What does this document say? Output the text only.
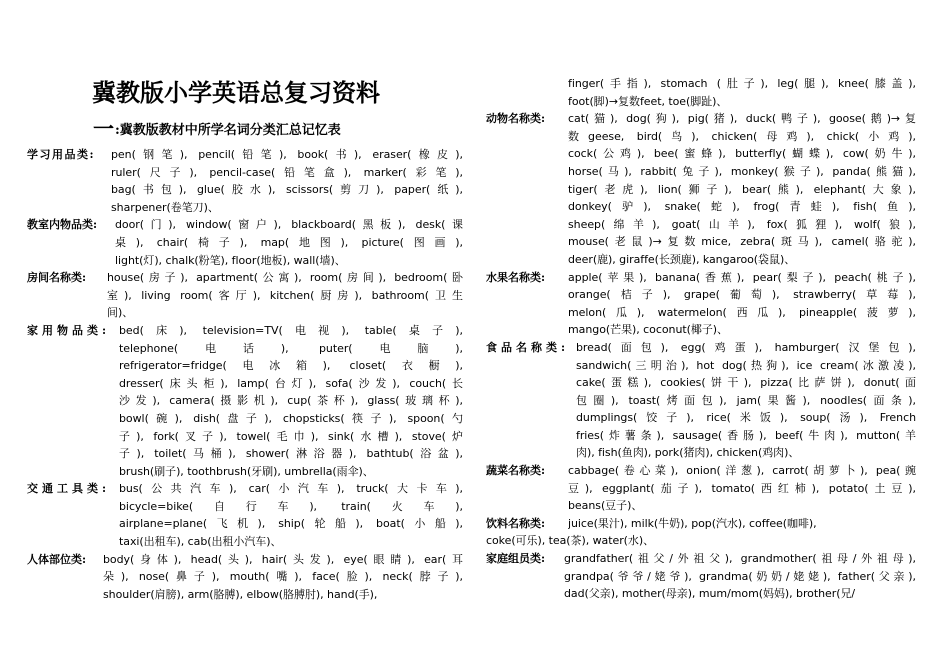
冀教版小学英语总复习资料
一:冀教版教材中所学名词分类汇总记忆表
学习用品类:	pen(钢笔), pencil(铅笔), book(书), eraser(橡皮),
ruler(尺子), pencil-case(铅笔盒), marker(彩笔),
bag(书包), glue(胶水), scissors(剪刀), paper(纸),
sharpener(卷笔刀)、
教室内物品类:	door(门), window(窗户), blackboard(黑板), desk(课
桌), chair(椅子), map(地图), picture(图画),
light(灯), chalk(粉笔), floor(地板), wall(墙)、
房间名称类:	house(房子), apartment(公寓), room(房间), bedroom(卧
室), living room(客厅), kitchen(厨房), bathroom(卫生
间)、
家用物品类: bed(床), television=TV(电视), table(桌子),
telephone(电话), puter(电脑),
refrigerator=fridge(电冰箱), closet(衣橱),
dresser(床头柜), lamp(台灯), sofa(沙发), couch(长
沙发), camera(摄影机), cup(茶杯), glass(玻璃杯),
bowl(碗), dish(盘子), chopsticks(筷子), spoon(勺
子), fork(叉子), towel(毛巾), sink(水槽), stove(炉
子), toilet(马桶), shower(淋浴器), bathtub(浴盆),
brush(刷子), toothbrush(牙刷), umbrella(雨伞)、
交通工具类: bus(公共汽车), car(小汽车), truck(大卡车),
bicycle=bike(自行车), train(火车),
airplane=plane(飞机), ship(轮船), boat(小船),
taxi(出租车), cab(出租小汽车)、
人体部位类:	body(身体), head(头), hair(头发), eye(眼睛), ear(耳
朵), nose(鼻子), mouth(嘴), face(脸), neck(脖子),
shoulder(肩膀), arm(胳膊), elbow(胳膊肘), hand(手),
finger(手指), stomach (肚子), leg(腿), knee(膝盖),
foot(脚)→复数feet, toe(脚趾)、
动物名称类:	cat(猫), dog(狗), pig(猪), duck(鸭子), goose(鹅)→复
数geese, bird(鸟), chicken(母鸡), chick(小鸡),
cock(公鸡), bee(蜜蜂), butterfly(蝴蝶), cow(奶牛),
horse(马), rabbit(兔子), monkey(猴子), panda(熊猫),
tiger(老虎), lion(狮子), bear(熊), elephant(大象),
donkey(驴), snake(蛇), frog(青蛙), fish(鱼),
sheep(绵羊), goat(山羊), fox(狐狸), wolf(狼),
mouse(老鼠)→复数mice, zebra(斑马), camel(骆驼),
deer(鹿), giraffe(长颈鹿), kangaroo(袋鼠)、
水果名称类:	apple(苹果), banana(香蕉), pear(梨子), peach(桃子),
orange(桔子), grape(葡萄), strawberry(草莓),
melon(瓜), watermelon(西瓜), pineapple(菠萝),
mango(芒果), coconut(椰子)、
食品名称类: bread(面包), egg(鸡蛋), hamburger(汉堡包),
sandwich(三明治), hot dog(热狗), ice cream(冰激凌),
cake(蛋糕), cookies(饼干), pizza(比萨饼), donut(面
包圈), toast(烤面包), jam(果酱), noodles(面条),
dumplings(饺子), rice(米饭), soup(汤), French
fries(炸薯条), sausage(香肠), beef(牛肉), mutton(羊
肉), fish(鱼肉), pork(猪肉), chicken(鸡肉)、
蔬菜名称类:	cabbage(卷心菜), onion(洋葱), carrot(胡萝卜), pea(豌
豆), eggplant(茄子), tomato(西红柿), potato(土豆),
beans(豆子)、
饮料名称类:	juice(果汁), milk(牛奶), pop(汽水), coffee(咖啡),
coke(可乐), tea(茶), water(水)、
家庭组员类:	grandfather(祖父/外祖父), grandmother(祖母/外祖母),
grandpa(爷爷/姥爷), grandma(奶奶/姥姥), father(父亲),
dad(父亲), mother(母亲), mum/mom(妈妈), brother(兄/
